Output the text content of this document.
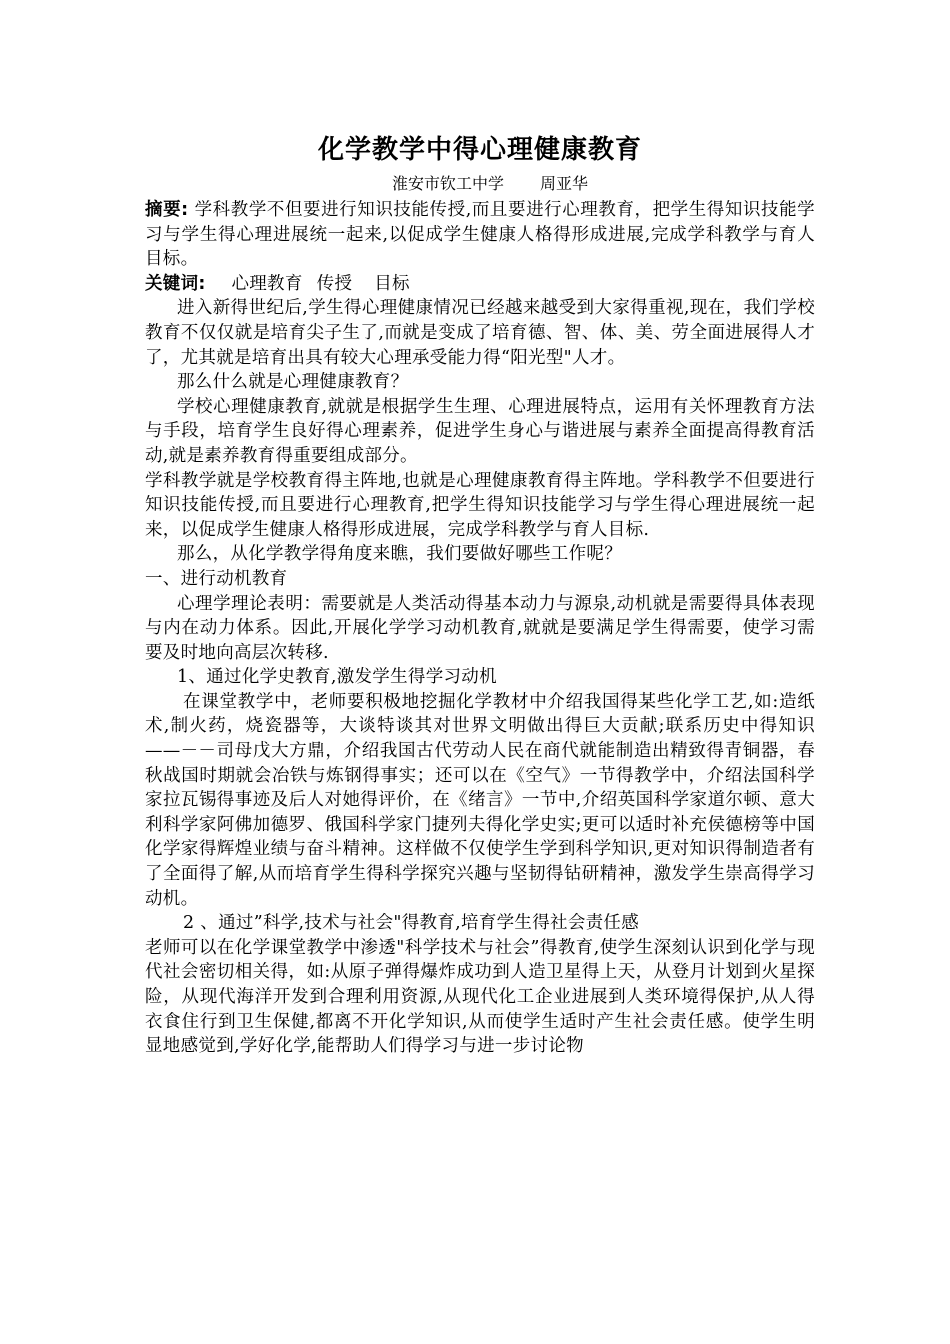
化学教学中得心理健康教育
淮安市钦工中学 周亚华

摘要: 学科教学不但要进行知识技能传授,而且要进行心理教育，把学生得知识技能学习与学生得心理进展统一起来,以促成学生健康人格得形成进展,完成学科教学与育人目标。

关键词: 心理教育 传授 目标

进入新得世纪后,学生得心理健康情况已经越来越受到大家得重视,现在，我们学校教育不仅仅就是培育尖子生了,而就是变成了培育德、智、体、美、劳全面进展得人才了，尤其就是培育出具有较大心理承受能力得“阳光型"人才。

那么什么就是心理健康教育？

学校心理健康教育,就就是根据学生生理、心理进展特点，运用有关怀理教育方法与手段，培育学生良好得心理素养，促进学生身心与谐进展与素养全面提高得教育活动,就是素养教育得重要组成部分。

学科教学就是学校教育得主阵地,也就是心理健康教育得主阵地。学科教学不但要进行知识技能传授,而且要进行心理教育,把学生得知识技能学习与学生得心理进展统一起来，以促成学生健康人格得形成进展，完成学科教学与育人目标.

那么，从化学教学得角度来瞧，我们要做好哪些工作呢？

一、进行动机教育

心理学理论表明：需要就是人类活动得基本动力与源泉,动机就是需要得具体表现与内在动力体系。因此,开展化学学习动机教育,就就是要满足学生得需要，使学习需要及时地向高层次转移.

1、通过化学史教育,激发学生得学习动机

在课堂教学中，老师要积极地挖掘化学教材中介绍我国得某些化学工艺,如:造纸术,制火药，烧瓷器等，大谈特谈其对世界文明做出得巨大贡献;联系历史中得知识——－－司母戊大方鼎，介绍我国古代劳动人民在商代就能制造出精致得青铜器，春秋战国时期就会冶铁与炼钢得事实；还可以在《空气》一节得教学中，介绍法国科学家拉瓦锡得事迹及后人对她得评价，在《绪言》一节中,介绍英国科学家道尔顿、意大利科学家阿佛加德罗、俄国科学家门捷列夫得化学史实;更可以适时补充侯德榜等中国化学家得辉煌业绩与奋斗精神。这样做不仅使学生学到科学知识,更对知识得制造者有了全面得了解,从而培育学生得科学探究兴趣与坚韧得钻研精神，激发学生崇高得学习动机。

2 、通过”科学,技术与社会"得教育,培育学生得社会责任感

老师可以在化学课堂教学中渗透"科学技术与社会”得教育,使学生深刻认识到化学与现代社会密切相关得，如:从原子弹得爆炸成功到人造卫星得上天，从登月计划到火星探险，从现代海洋开发到合理利用资源,从现代化工企业进展到人类环境得保护,从人得衣食住行到卫生保健,都离不开化学知识,从而使学生适时产生社会责任感。使学生明显地感觉到,学好化学,能帮助人们得学习与进一步讨论物
